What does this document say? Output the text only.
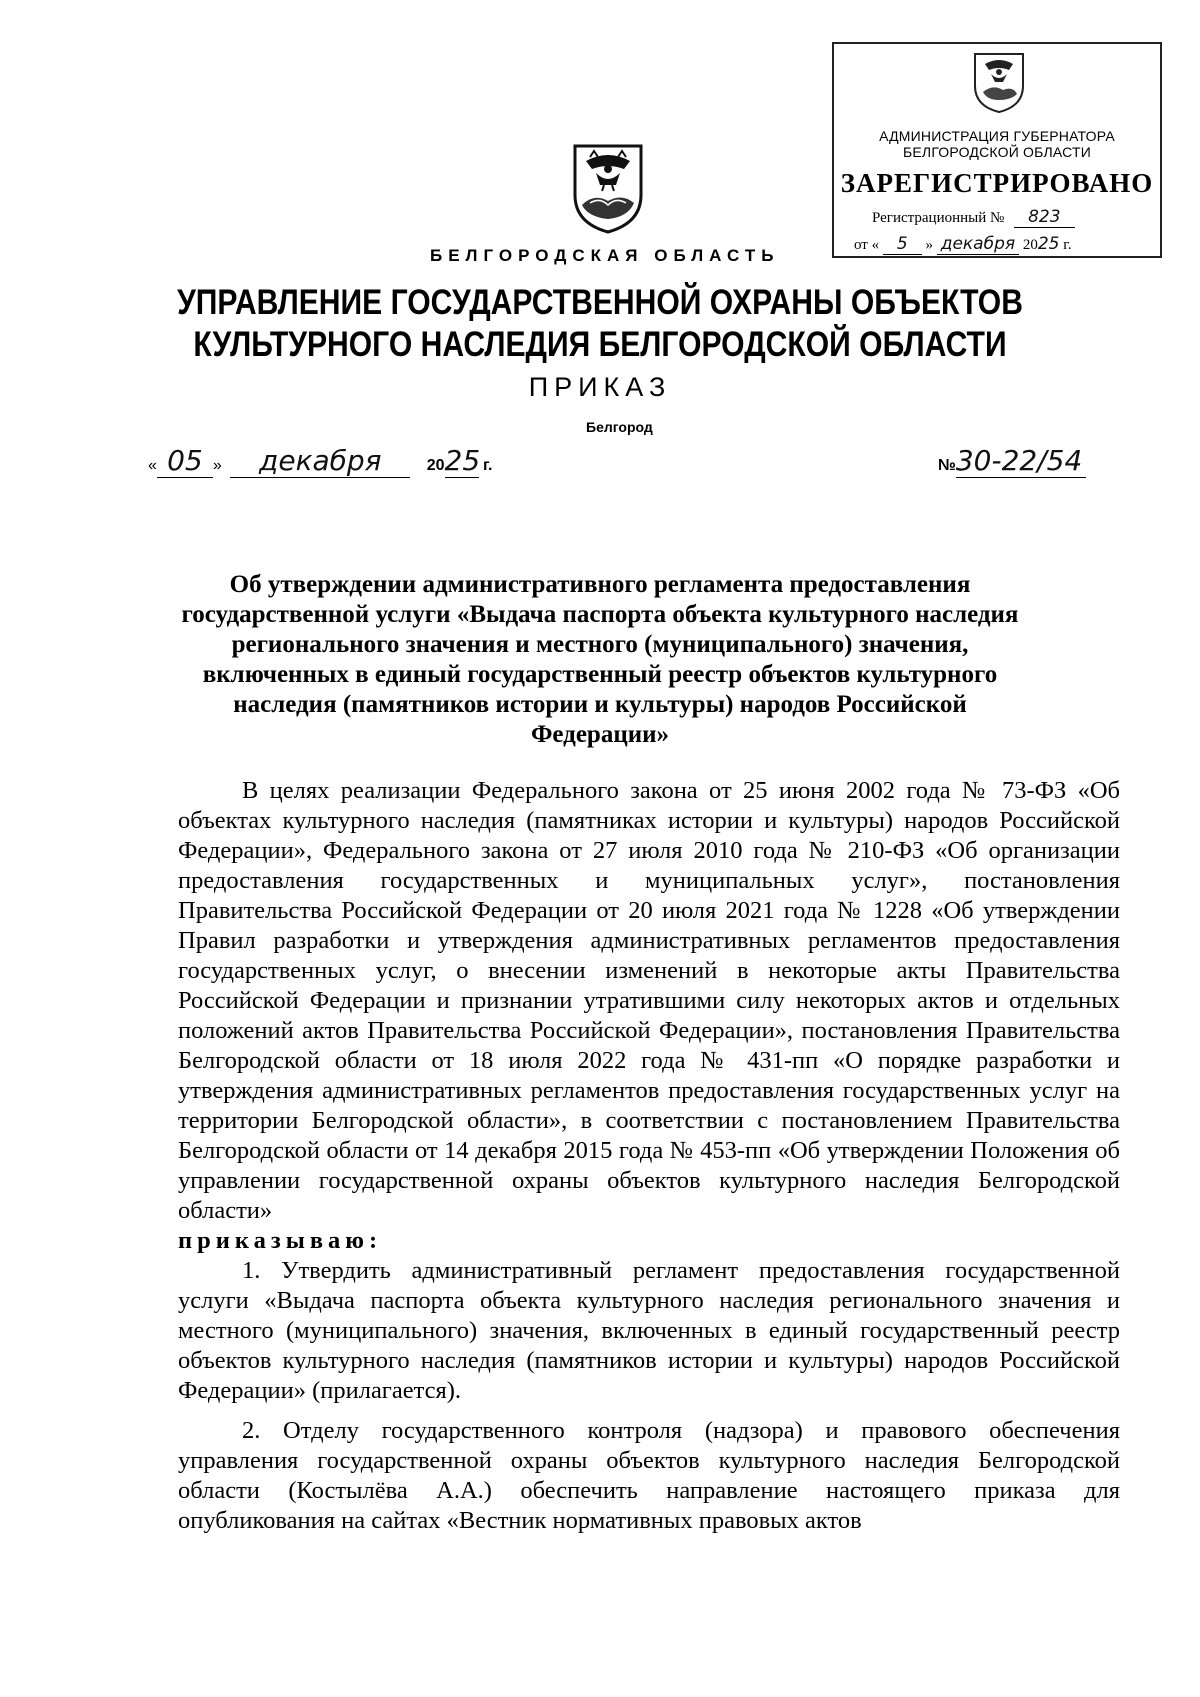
АДМИНИСТРАЦИЯ ГУБЕРНАТОРА
БЕЛГОРОДСКОЙ ОБЛАСТИ
ЗАРЕГИСТРИРОВАНО
Регистрационный № 823
от « 5 » декабря 2025 г.
БЕЛГОРОДСКАЯ ОБЛАСТЬ
УПРАВЛЕНИЕ ГОСУДАРСТВЕННОЙ ОХРАНЫ ОБЪЕКТОВ
КУЛЬТУРНОГО НАСЛЕДИЯ БЕЛГОРОДСКОЙ ОБЛАСТИ
ПРИКАЗ
Белгород
« 05 » декабря	2025 г.	№30-22/54
Об утверждении административного регламента предоставления
государственной услуги «Выдача паспорта объекта культурного наследия
регионального значения и местного (муниципального) значения,
включенных в единый государственный реестр объектов культурного
наследия (памятников истории и культуры) народов Российской
Федерации»

В целях реализации Федерального закона от 25 июня 2002 года № 73-ФЗ «Об объектах культурного наследия (памятниках истории и культуры) народов Российской Федерации», Федерального закона от 27 июля 2010 года № 210-ФЗ «Об организации предоставления государственных и муниципальных услуг», постановления Правительства Российской Федерации от 20 июля 2021 года № 1228 «Об утверждении Правил разработки и утверждения административных регламентов предоставления государственных услуг, о внесении изменений в некоторые акты Правительства Российской Федерации и признании утратившими силу некоторых актов и отдельных положений актов Правительства Российской Федерации», постановления Правительства Белгородской области от 18 июля 2022 года № 431-пп «О порядке разработки и утверждения административных регламентов предоставления государственных услуг на территории Белгородской области», в соответствии с постановлением Правительства Белгородской области от 14 декабря 2015 года № 453-пп «Об утверждении Положения об управлении государственной охраны объектов культурного наследия Белгородской области»

приказываю:

1. Утвердить административный регламент предоставления государственной услуги «Выдача паспорта объекта культурного наследия регионального значения и местного (муниципального) значения, включенных в единый государственный реестр объектов культурного наследия (памятников истории и культуры) народов Российской Федерации» (прилагается).

2. Отделу государственного контроля (надзора) и правового обеспечения управления государственной охраны объектов культурного наследия Белгородской области (Костылёва А.А.) обеспечить направление настоящего приказа для опубликования на сайтах «Вестник нормативных правовых актов
